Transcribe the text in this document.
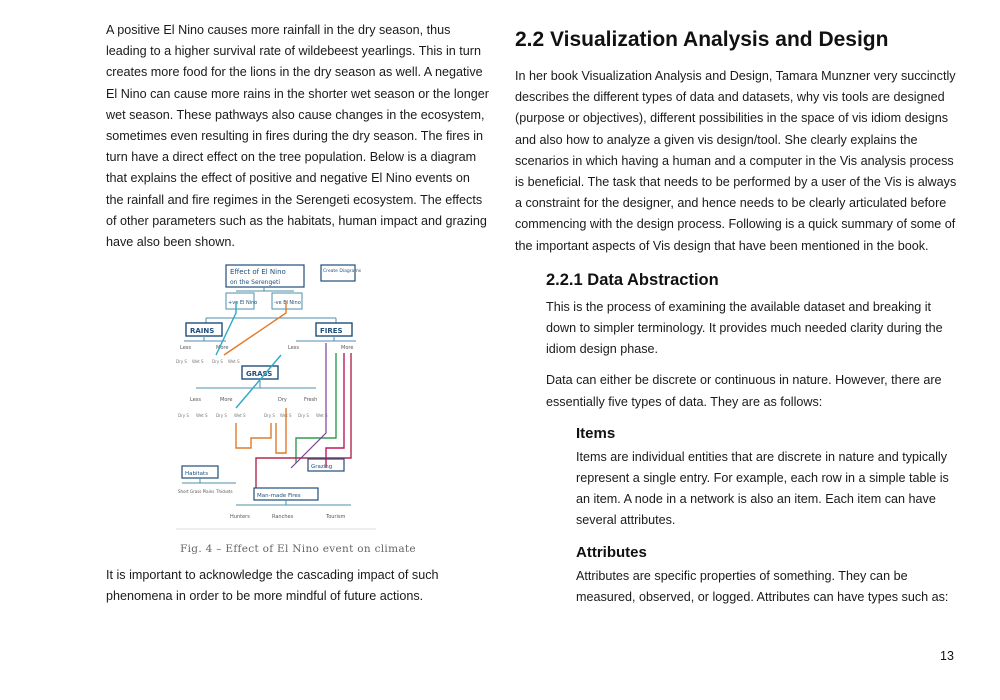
A positive El Nino causes more rainfall in the dry season, thus leading to a higher survival rate of wildebeest yearlings. This in turn creates more food for the lions in the dry season as well. A negative El Nino can cause more rains in the shorter wet season or the longer wet season. These pathways also cause changes in the ecosystem, sometimes even resulting in fires during the dry season. The fires in turn have a direct effect on the tree population. Below is a diagram that explains the effect of positive and negative El Nino events on the rainfall and fire regimes in the Serengeti ecosystem. The effects of other parameters such as the habitats, human impact and grazing have also been shown.

Effect of El Nino
on the Serengeti
Create Diagrams
+ve El Nino	-ve El Nino
RAINS	FIRES
Less	More	Less	More
Dry S Wet S Dry S Wet S
GRASS
Less	More	Dry	Fresh
Dry S Wet S Dry S Wet S	Dry S Wet S Dry S Wet S
Habitats
Grazing
Short Grass Plains Thickets
Man-made Fires
Hunters	Ranches	Tourism
Fig. 4 – Effect of El Nino event on climate

It is important to acknowledge the cascading impact of such phenomena in order to be more mindful of future actions.

2.2 Visualization Analysis and Design

In her book Visualization Analysis and Design, Tamara Munzner very succinctly describes the different types of data and datasets, why vis tools are designed (purpose or objectives), different possibilities in the space of vis idiom designs and also how to analyze a given vis design/tool. She clearly explains the scenarios in which having a human and a computer in the Vis analysis process is beneficial. The task that needs to be performed by a user of the Vis is always a constraint for the designer, and hence needs to be clearly articulated before commencing with the design process. Following is a quick summary of some of the important aspects of Vis design that have been mentioned in the book.

2.2.1 Data Abstraction

This is the process of examining the available dataset and breaking it down to simpler terminology. It provides much needed clarity during the idiom design phase.

Data can either be discrete or continuous in nature. However, there are essentially five types of data. They are as follows:

Items

Items are individual entities that are discrete in nature and typically represent a single entry. For example, each row in a simple table is an item. A node in a network is also an item. Each item can have several attributes.

Attributes

Attributes are specific properties of something. They can be measured, observed, or logged. Attributes can have types such as:

13
